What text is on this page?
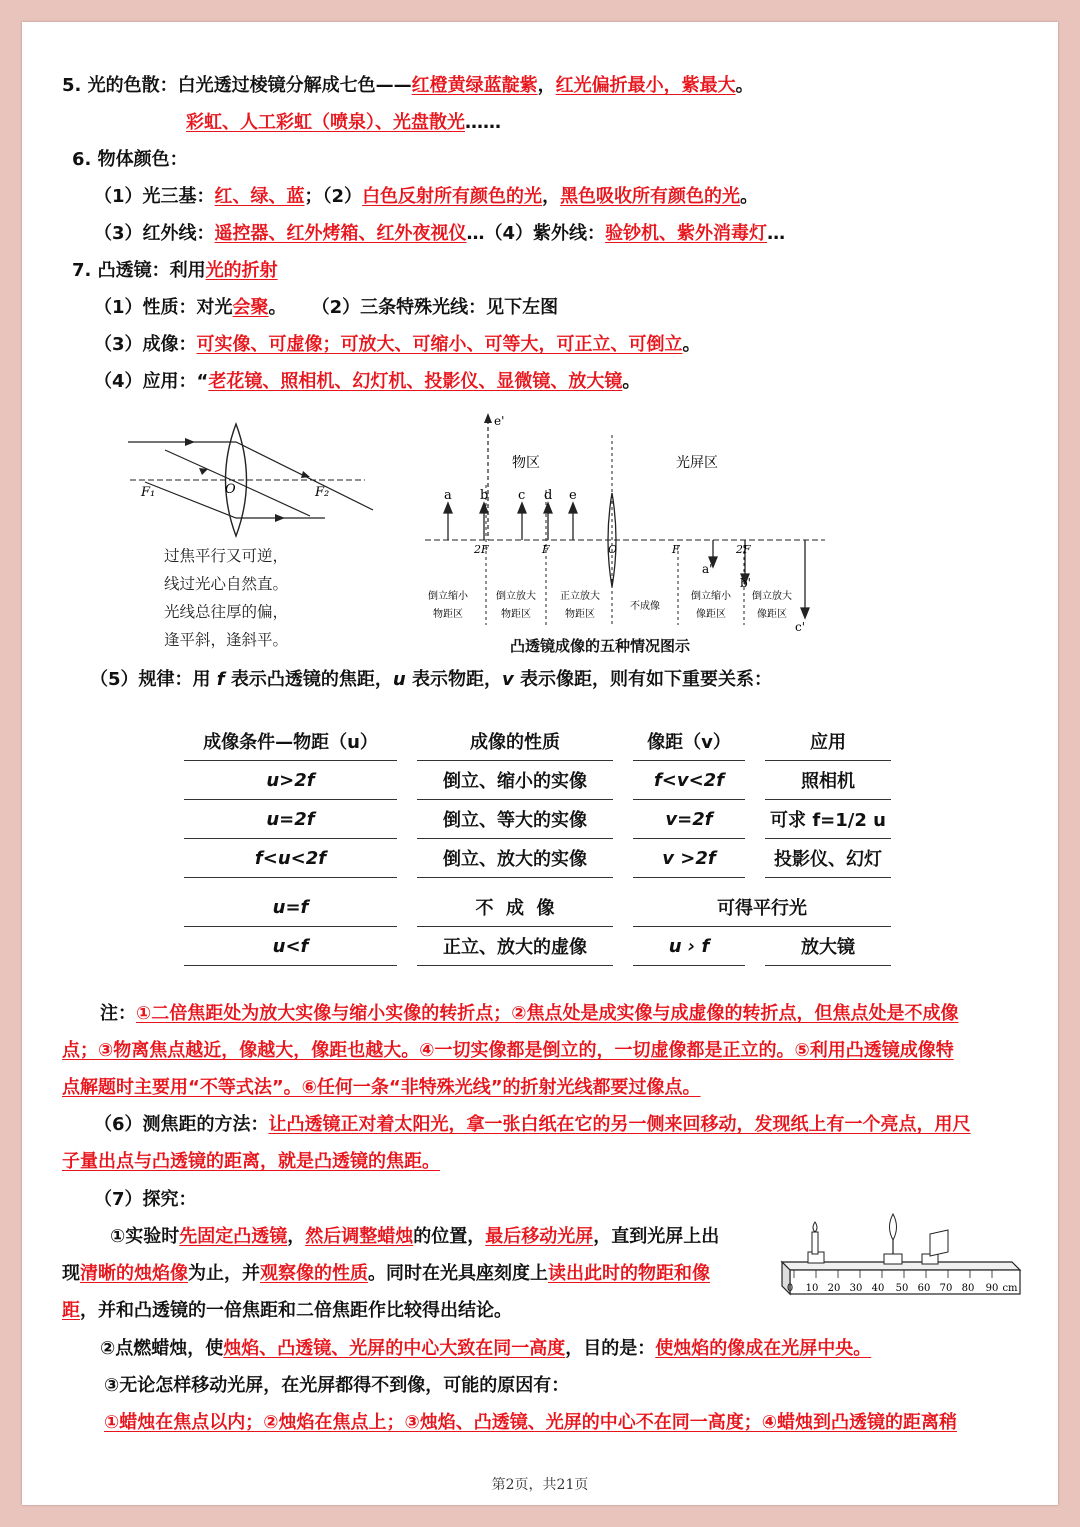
5. 光的色散：白光透过棱镜分解成七色——红橙黄绿蓝靛紫，红光偏折最小，紫最大。
彩虹、人工彩虹（喷泉）、光盘散光……
6. 物体颜色：
（1）光三基：红、绿、蓝；（2）白色反射所有颜色的光，黑色吸收所有颜色的光。
（3）红外线：遥控器、红外烤箱、红外夜视仪…（4）紫外线：验钞机、紫外消毒灯…
7. 凸透镜：利用光的折射
（1）性质：对光会聚。    （2）三条特殊光线：见下左图
（3）成像：可实像、可虚像；可放大、可缩小、可等大，可正立、可倒立。
（4）应用：“老花镜、照相机、幻灯机、投影仪、显微镜、放大镜。
F₁	O	F₂
过焦平行又可逆，
线过光心自然直。
光线总往厚的偏，
逢平斜，逢斜平。
e'
物区	光屏区
a b c d e
2F	F	O	F	2F
a'
b'
c'
倒立缩小
物距区
倒立放大
物距区
正立放大
物距区
不成像
倒立缩小
像距区
倒立放大
像距区
凸透镜成像的五种情况图示
（5）规律：用 f 表示凸透镜的焦距，u 表示物距，v 表示像距，则有如下重要关系：
成像条件—物距（u）	成像的性质	像距（v）	应用
u>2f	倒立、缩小的实像	f<v<2f	照相机
u=2f	倒立、等大的实像	v=2f	可求 f=1/2 u
f<u<2f	倒立、放大的实像	v >2f	投影仪、幻灯

u=f	不  成  像	可得平行光	
u<f	正立、放大的虚像	u › f	放大镜
注：①二倍焦距处为放大实像与缩小实像的转折点；②焦点处是成实像与成虚像的转折点，但焦点处是不成像
点；③物离焦点越近，像越大，像距也越大。④一切实像都是倒立的，一切虚像都是正立的。⑤利用凸透镜成像特
点解题时主要用“不等式法”。⑥任何一条“非特殊光线”的折射光线都要过像点。
（6）测焦距的方法：让凸透镜正对着太阳光，拿一张白纸在它的另一侧来回移动，发现纸上有一个亮点，用尺
子量出点与凸透镜的距离，就是凸透镜的焦距。
（7）探究：
①实验时先固定凸透镜，然后调整蜡烛的位置，最后移动光屏，直到光屏上出
现清晰的烛焰像为止，并观察像的性质。同时在光具座刻度上读出此时的物距和像
距，并和凸透镜的一倍焦距和二倍焦距作比较得出结论。
0 10 20 30 40 50 60 70 80 90 cm
②点燃蜡烛，使烛焰、凸透镜、光屏的中心大致在同一高度，目的是：使烛焰的像成在光屏中央。
③无论怎样移动光屏，在光屏都得不到像，可能的原因有：
①蜡烛在焦点以内；②烛焰在焦点上；③烛焰、凸透镜、光屏的中心不在同一高度；④蜡烛到凸透镜的距离稍
第2页，共21页
